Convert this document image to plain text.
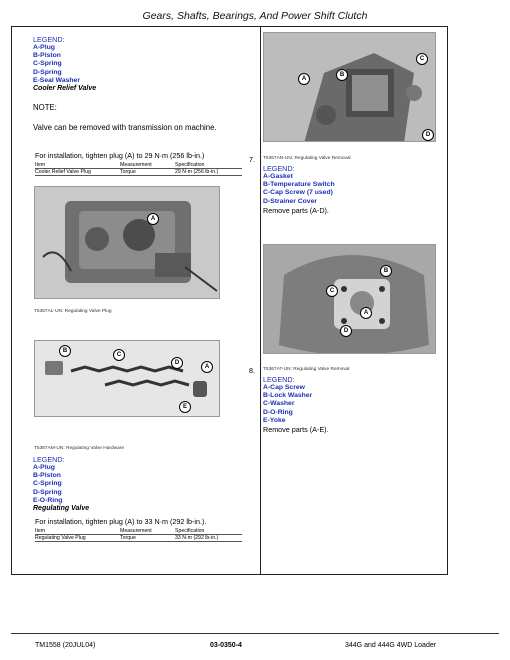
Gears, Shafts, Bearings, And Power Shift Clutch
LEGEND:
A-Plug
B-Piston
C-Spring
D-Spring
E-Seal Washer
Cooler Relief Valve
NOTE:
Valve can be removed with transmission on machine.
For installation, tighten plug (A) to 29 N·m (256 lb-in.)
Item	Measurement	Specification
Cooler Relief Valve Plug	Torque	29 N·m (256 lb-in.)
A
T5367AL-UN: Regulating Valve Plug
B
C
D
A
E
T5367AM-UN: Regulating Valve Hardware
LEGEND:
A-Plug
B-Piston
C-Spring
D-Spring
E-O-Ring
Regulating Valve
For installation, tighten plug (A) to 33 N·m (292 lb-in.).
Item	Measurement	Specification
Regulating Valve Plug	Torque	33 N·m (292 lb-in.)
A
B
C
D
7. T5367AN-UN: Regulating Valve Removal
LEGEND:
A-Gasket
B-Temperature Switch
C-Cap Screw (7 used)
D-Strainer Cover
Remove parts (A-D).
A
B
C
D
8. T5367AT-UN: Regulating Valve Removal
LEGEND:
A-Cap Screw
B-Lock Washer
C-Washer
D-O-Ring
E-Yoke
Remove parts (A-E).
TM1558 (20JUL04)	03-0350-4	344G and 444G 4WD Loader
